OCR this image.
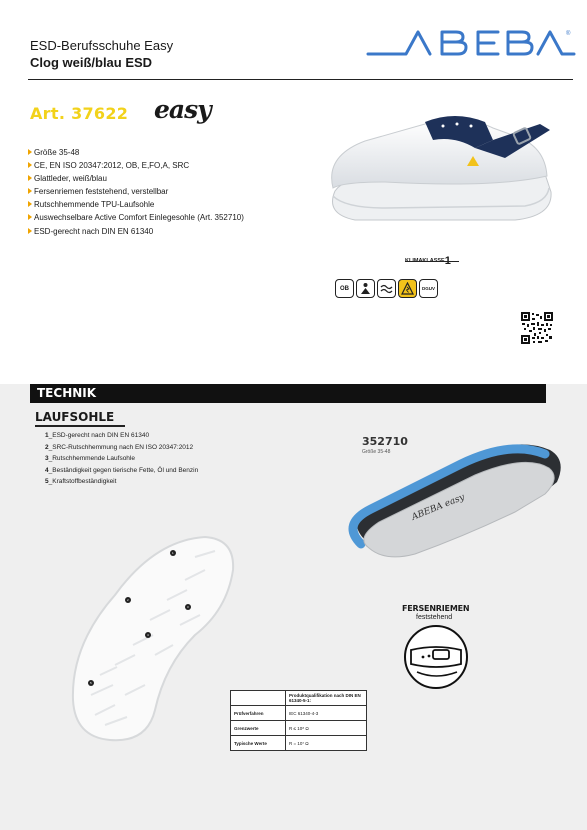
ESD-Berufsschuhe Easy
Clog weiß/blau ESD
®
ABEBA
Art. 37622 easy
Größe 35-48
CE, EN ISO 20347:2012, OB, E,FO,A, SRC
Glattleder, weiß/blau
Fersenriemen feststehend, verstellbar
Rutschhemmende TPU-Laufsohle
Auswechselbare Active Comfort Einlegesohle (Art. 352710)
ESD-gerecht nach DIN EN 61340
OB	DGUV
TECHNIK
LAUFSOHLE
1_ESD-gerecht nach DIN EN 61340
2_SRC-Rutschhemmung nach EN ISO 20347:2012
3_Rutschhemmende Laufsohle
4_Beständigkeit gegen tierische Fette, Öl und Benzin
5_Kraftstoffbeständigkeit
ABEBA easy
352710
Größe 35-48
1
2
3
4
5
FERSENRIEMEN
feststehend
	Produktqualifikation nach DIN EN 61340-5-1:
Prüfverfahren	IEC 61340-4-3
Grenzwerte	R ≤ 10⁸ Ω
Typische Werte	R = 10⁷ Ω
